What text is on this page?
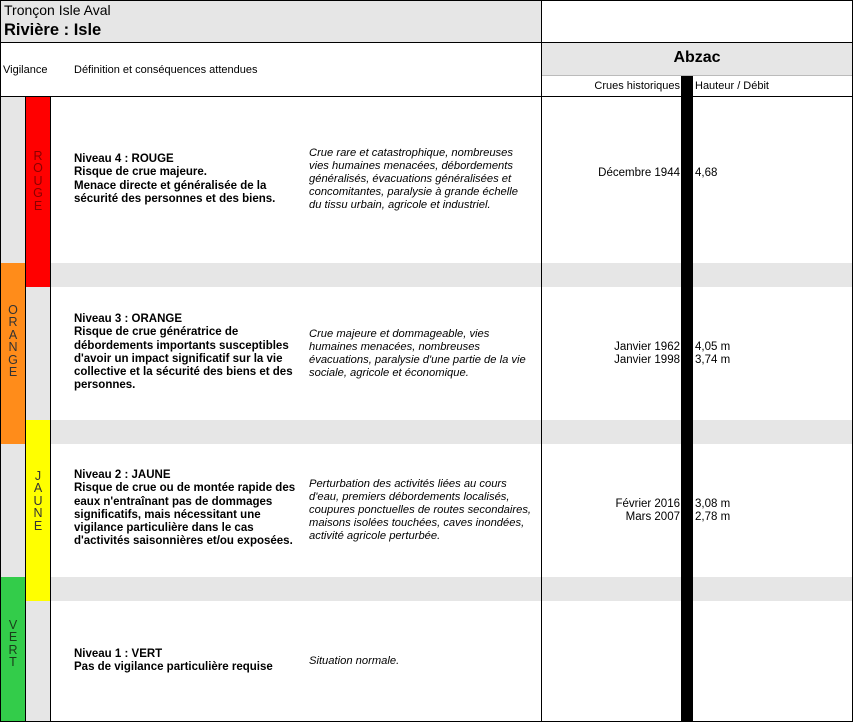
Tronçon Isle Aval
Rivière : Isle
Abzac
Vigilance Définition et conséquences attendues
Crues historiques Hauteur / Débit
R
O
U
G
E
O
R
A
N
G
E
J
A
U
N
E
V
E
R
T
Niveau 4 : ROUGE
Risque de crue majeure.
Menace directe et généralisée de la
sécurité des personnes et des biens.
Crue rare et catastrophique, nombreuses
vies humaines menacées, débordements
généralisés, évacuations généralisées et
concomitantes, paralysie à grande échelle
du tissu urbain, agricole et industriel.
Décembre 1944 4,68
Niveau 3 : ORANGE
Risque de crue génératrice de
débordements importants susceptibles
d'avoir un impact significatif sur la vie
collective et la sécurité des biens et des
personnes.
Crue majeure et dommageable, vies
humaines menacées, nombreuses
évacuations, paralysie d'une partie de la vie
sociale, agricole et économique.
Janvier 1962 4,05 m
Janvier 1998 3,74 m
Niveau 2 : JAUNE
Risque de crue ou de montée rapide des
eaux n'entraînant pas de dommages
significatifs, mais nécessitant une
vigilance particulière dans le cas
d'activités saisonnières et/ou exposées.
Perturbation des activités liées au cours
d'eau, premiers débordements localisés,
coupures ponctuelles de routes secondaires,
maisons isolées touchées, caves inondées,
activité agricole perturbée.
Février 2016 3,08 m
Mars 2007 2,78 m
Niveau 1 : VERT
Pas de vigilance particulière requise
Situation normale.
